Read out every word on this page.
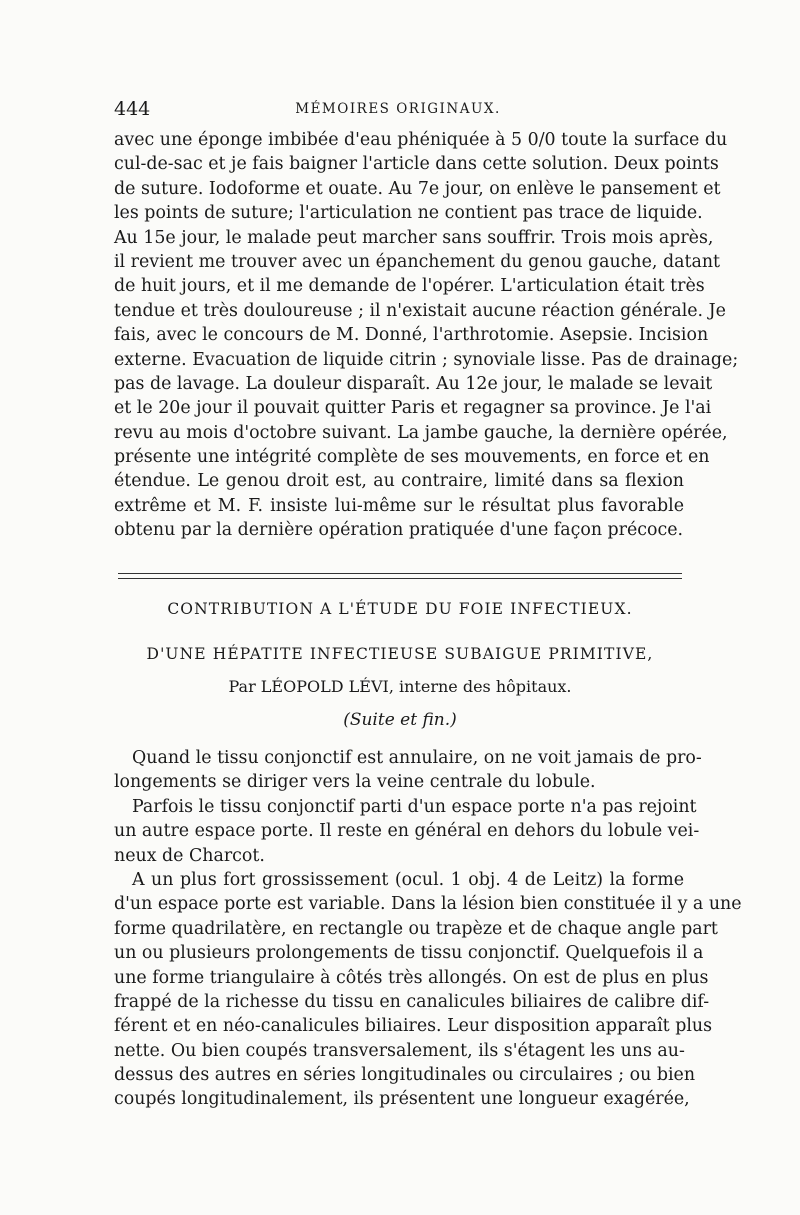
444	MÉMOIRES ORIGINAUX.
avec une éponge imbibée d'eau phéniquée à 5 0/0 toute la surface du
cul-de-sac et je fais baigner l'article dans cette solution. Deux points
de suture. Iodoforme et ouate. Au 7e jour, on enlève le pansement et
les points de suture; l'articulation ne contient pas trace de liquide.
Au 15e jour, le malade peut marcher sans souffrir. Trois mois après,
il revient me trouver avec un épanchement du genou gauche, datant
de huit jours, et il me demande de l'opérer. L'articulation était très
tendue et très douloureuse ; il n'existait aucune réaction générale. Je
fais, avec le concours de M. Donné, l'arthrotomie. Asepsie. Incision
externe. Evacuation de liquide citrin ; synoviale lisse. Pas de drainage;
pas de lavage. La douleur disparaît. Au 12e jour, le malade se levait
et le 20e jour il pouvait quitter Paris et regagner sa province. Je l'ai
revu au mois d'octobre suivant. La jambe gauche, la dernière opérée,
présente une intégrité complète de ses mouvements, en force et en
étendue. Le genou droit est, au contraire, limité dans sa flexion
extrême et M. F. insiste lui-même sur le résultat plus favorable
obtenu par la dernière opération pratiquée d'une façon précoce.
CONTRIBUTION A L'ÉTUDE DU FOIE INFECTIEUX.
D'UNE HÉPATITE INFECTIEUSE SUBAIGUE PRIMITIVE,
Par LÉOPOLD LÉVI, interne des hôpitaux.
(Suite et fin.)
Quand le tissu conjonctif est annulaire, on ne voit jamais de pro-
longements se diriger vers la veine centrale du lobule.
Parfois le tissu conjonctif parti d'un espace porte n'a pas rejoint
un autre espace porte. Il reste en général en dehors du lobule vei-
neux de Charcot.
A un plus fort grossissement (ocul. 1 obj. 4 de Leitz) la forme
d'un espace porte est variable. Dans la lésion bien constituée il y a une
forme quadrilatère, en rectangle ou trapèze et de chaque angle part
un ou plusieurs prolongements de tissu conjonctif. Quelquefois il a
une forme triangulaire à côtés très allongés. On est de plus en plus
frappé de la richesse du tissu en canalicules biliaires de calibre dif-
férent et en néo-canalicules biliaires. Leur disposition apparaît plus
nette. Ou bien coupés transversalement, ils s'étagent les uns au-
dessus des autres en séries longitudinales ou circulaires ; ou bien
coupés longitudinalement, ils présentent une longueur exagérée,
